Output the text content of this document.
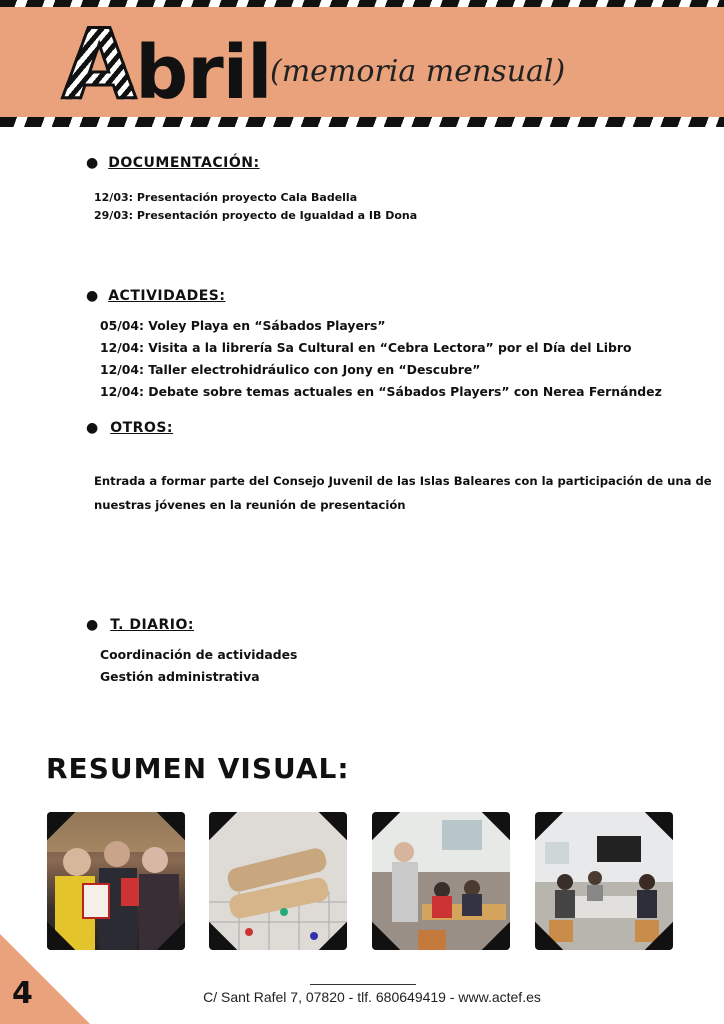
Abril
(memoria mensual)
● DOCUMENTACIÓN:
12/03: Presentación proyecto Cala Badella
29/03: Presentación proyecto de Igualdad a IB Dona
● ACTIVIDADES:
05/04: Voley Playa en “Sábados Players”
12/04: Visita a la librería Sa Cultural en “Cebra Lectora” por el Día del Libro
12/04: Taller electrohidráulico con Jony en “Descubre”
12/04: Debate sobre temas actuales en “Sábados Players” con Nerea Fernández
● OTROS:
Entrada a formar parte del Consejo Juvenil de las Islas Baleares con la participación de una de
nuestras jóvenes en la reunión de presentación
● T. DIARIO:
Coordinación de actividades
Gestión administrativa
RESUMEN VISUAL:
4	C/ Sant Rafel 7, 07820 - tlf. 680649419 - www.actef.es
